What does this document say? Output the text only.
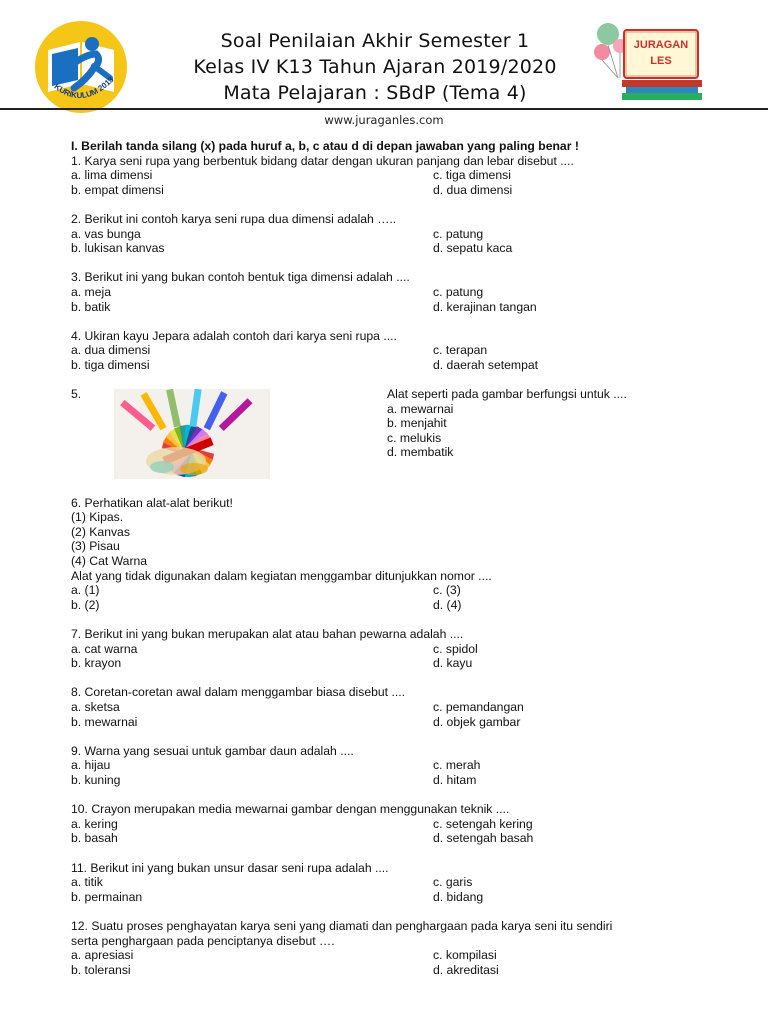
KURIKULUM 2013
Soal Penilaian Akhir Semester 1
Kelas IV K13 Tahun Ajaran 2019/2020
Mata Pelajaran : SBdP (Tema 4)
JURAGAN
LES
www.juraganles.com
I. Berilah tanda silang (x) pada huruf a, b, c atau d di depan jawaban yang paling benar !
1. Karya seni rupa yang berbentuk bidang datar dengan ukuran panjang dan lebar disebut ....
a. lima dimensi	c. tiga dimensi
b. empat dimensi	d. dua dimensi
2. Berikut ini contoh karya seni rupa dua dimensi adalah …..
a. vas bunga	c. patung
b. lukisan kanvas	d. sepatu kaca
3. Berikut ini yang bukan contoh bentuk tiga dimensi adalah ....
a. meja	c. patung
b. batik	d. kerajinan tangan
4. Ukiran kayu Jepara adalah contoh dari karya seni rupa ....
a. dua dimensi	c. terapan
b. tiga dimensi	d. daerah setempat
5.	Alat seperti pada gambar berfungsi untuk ....
a. mewarnai
b. menjahit
c. melukis
d. membatik
6. Perhatikan alat-alat berikut!
(1) Kipas.
(2) Kanvas
(3) Pisau
(4) Cat Warna
Alat yang tidak digunakan dalam kegiatan menggambar ditunjukkan nomor ....
a. (1)	c. (3)
b. (2)	d. (4)
7. Berikut ini yang bukan merupakan alat atau bahan pewarna adalah ....
a. cat warna	c. spidol
b. krayon	d. kayu
8. Coretan-coretan awal dalam menggambar biasa disebut ....
a. sketsa	c. pemandangan
b. mewarnai	d. objek gambar
9. Warna yang sesuai untuk gambar daun adalah ....
a. hijau	c. merah
b. kuning	d. hitam
10. Crayon merupakan media mewarnai gambar dengan menggunakan teknik ....
a. kering	c. setengah kering
b. basah	d. setengah basah
11. Berikut ini yang bukan unsur dasar seni rupa adalah ....
a. titik	c. garis
b. permainan	d. bidang
12. Suatu proses penghayatan karya seni yang diamati dan penghargaan pada karya seni itu sendiri
serta penghargaan pada penciptanya disebut ….
a. apresiasi	c. kompilasi
b. toleransi	d. akreditasi
